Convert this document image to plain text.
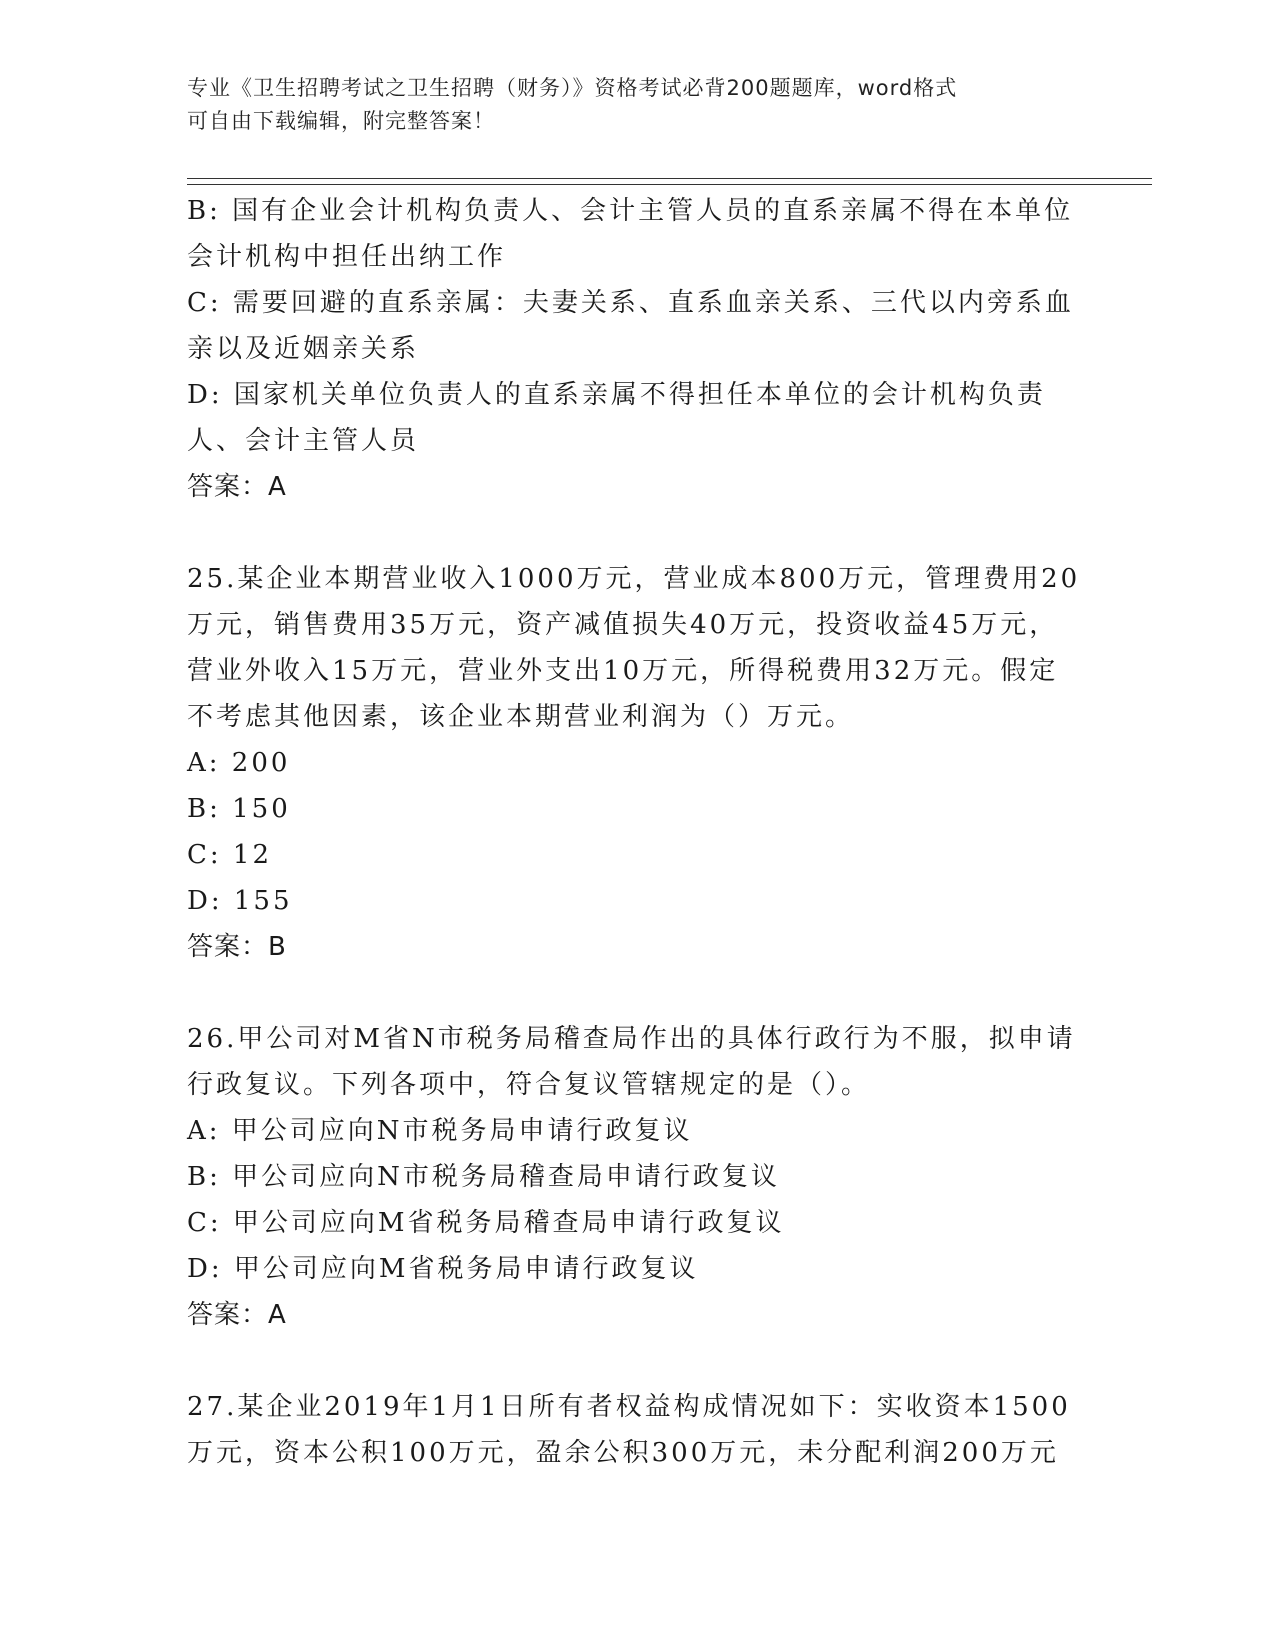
专业《卫生招聘考试之卫生招聘（财务）》资格考试必背200题题库，word格式
可自由下载编辑，附完整答案！

B: 国有企业会计机构负责人、会计主管人员的直系亲属不得在本单位会计机构中担任出纳工作

C: 需要回避的直系亲属：夫妻关系、直系血亲关系、三代以内旁系血亲以及近姻亲关系

D: 国家机关单位负责人的直系亲属不得担任本单位的会计机构负责人、会计主管人员

答案：A

25.某企业本期营业收入1000万元，营业成本800万元，管理费用20万元，销售费用35万元，资产减值损失40万元，投资收益45万元，营业外收入15万元，营业外支出10万元，所得税费用32万元。假定不考虑其他因素，该企业本期营业利润为（）万元。

A: 200

B: 150

C: 12

D: 155

答案：B

26.甲公司对M省N市税务局稽查局作出的具体行政行为不服，拟申请行政复议。下列各项中，符合复议管辖规定的是（）。

A: 甲公司应向N市税务局申请行政复议

B: 甲公司应向N市税务局稽查局申请行政复议

C: 甲公司应向M省税务局稽查局申请行政复议

D: 甲公司应向M省税务局申请行政复议

答案：A

27.某企业2019年1月1日所有者权益构成情况如下：实收资本1500万元，资本公积100万元，盈余公积300万元，未分配利润200万元
